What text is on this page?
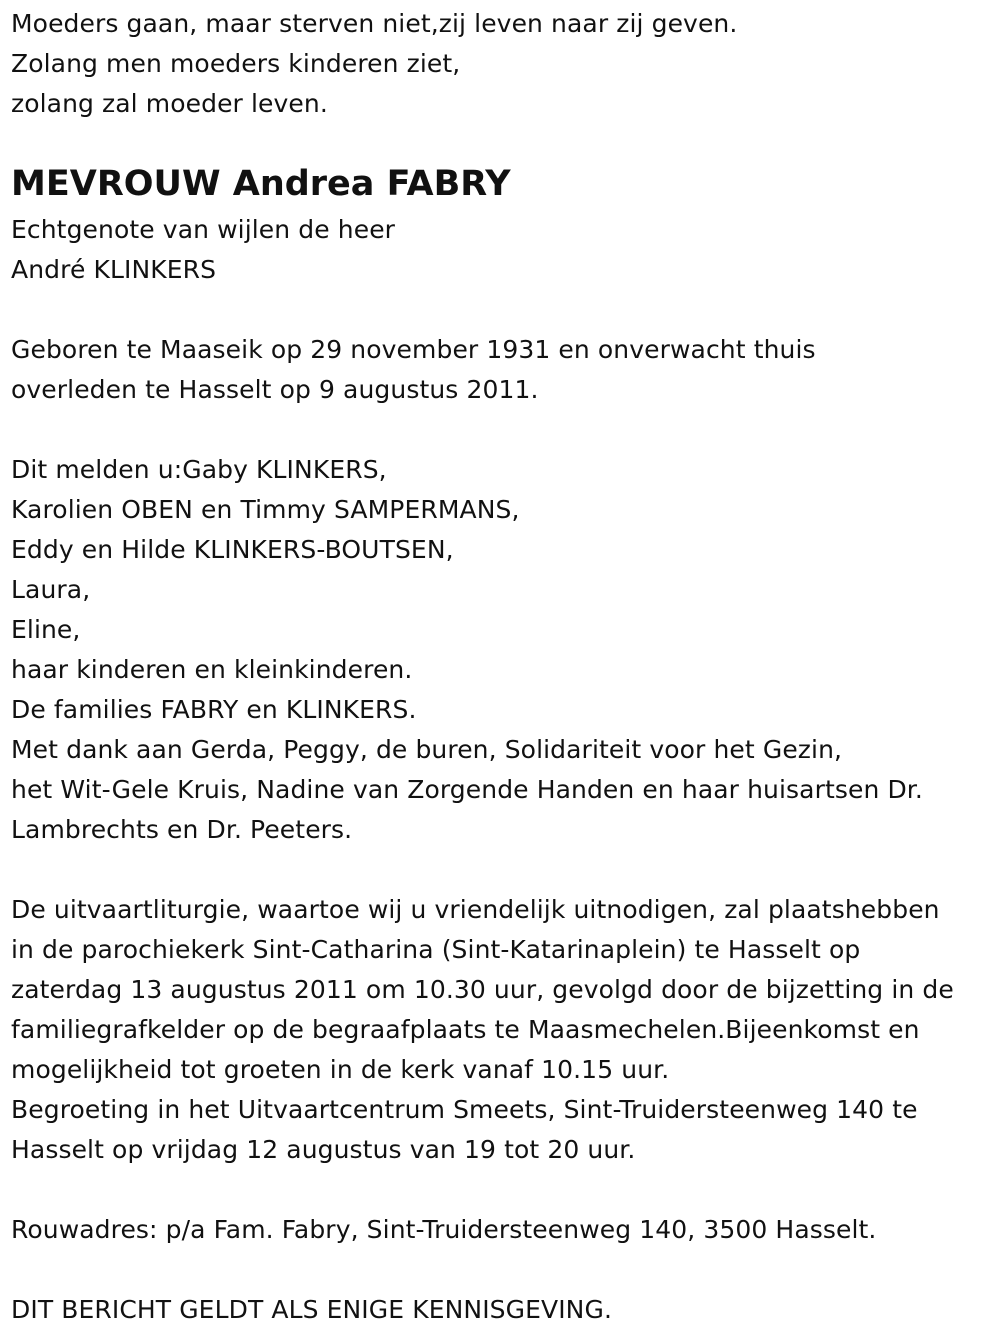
Moeders gaan, maar sterven niet,zij leven naar zij geven.
Zolang men moeders kinderen ziet,
zolang zal moeder leven.
MEVROUW Andrea FABRY
Echtgenote van wijlen de heer
André KLINKERS
Geboren te Maaseik op 29 november 1931 en onverwacht thuis
overleden te Hasselt op 9 augustus 2011.
Dit melden u:Gaby KLINKERS,
Karolien OBEN en Timmy SAMPERMANS,
Eddy en Hilde KLINKERS-BOUTSEN,
Laura,
Eline,
haar kinderen en kleinkinderen.
De families FABRY en KLINKERS.
Met dank aan Gerda, Peggy, de buren, Solidariteit voor het Gezin,
het Wit-Gele Kruis, Nadine van Zorgende Handen en haar huisartsen Dr.
Lambrechts en Dr. Peeters.
De uitvaartliturgie, waartoe wij u vriendelijk uitnodigen, zal plaatshebben
in de parochiekerk Sint-Catharina (Sint-Katarinaplein) te Hasselt op
zaterdag 13 augustus 2011 om 10.30 uur, gevolgd door de bijzetting in de
familiegrafkelder op de begraafplaats te Maasmechelen.Bijeenkomst en
mogelijkheid tot groeten in de kerk vanaf 10.15 uur.
Begroeting in het Uitvaartcentrum Smeets, Sint-Truidersteenweg 140 te
Hasselt op vrijdag 12 augustus van 19 tot 20 uur.
Rouwadres: p/a Fam. Fabry, Sint-Truidersteenweg 140, 3500 Hasselt.
DIT BERICHT GELDT ALS ENIGE KENNISGEVING.
